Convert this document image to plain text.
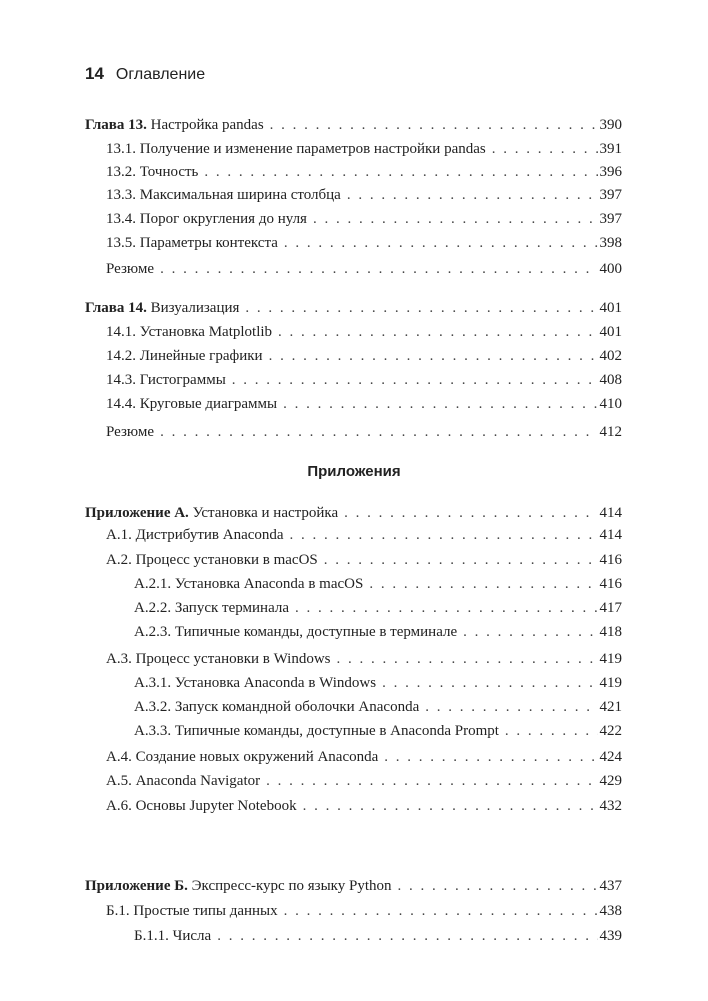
14 Оглавление
Приложения
Глава 13. Настройка pandas . . .	390
13.1. Получение и изменение параметров настройки pandas . . .	391
13.2. Точность . . .	396
13.3. Максимальная ширина столбца . . .	397
13.4. Порог округления до нуля . . .	397
13.5. Параметры контекста . . .	398
Резюме . . .	400
Глава 14. Визуализация . . .	401
14.1. Установка Matplotlib . . .	401
14.2. Линейные графики . . .	402
14.3. Гистограммы . . .	408
14.4. Круговые диаграммы . . .	410
Резюме . . .	412
Приложение А. Установка и настройка . . .	414
А.1. Дистрибутив Anaconda . . .	414
А.2. Процесс установки в macOS . . .	416
А.2.1. Установка Anaconda в macOS . . .	416
А.2.2. Запуск терминала . . .	417
А.2.3. Типичные команды, доступные в терминале . . .	418
А.3. Процесс установки в Windows . . .	419
А.3.1. Установка Anaconda в Windows . . .	419
А.3.2. Запуск командной оболочки Anaconda . . .	421
А.3.3. Типичные команды, доступные в Anaconda Prompt . . .	422
А.4. Создание новых окружений Anaconda . . .	424
А.5. Anaconda Navigator . . .	429
А.6. Основы Jupyter Notebook . . .	432
Приложение Б. Экспресс-курс по языку Python . . .	437
Б.1. Простые типы данных . . .	438
Б.1.1. Числа . . .	439
